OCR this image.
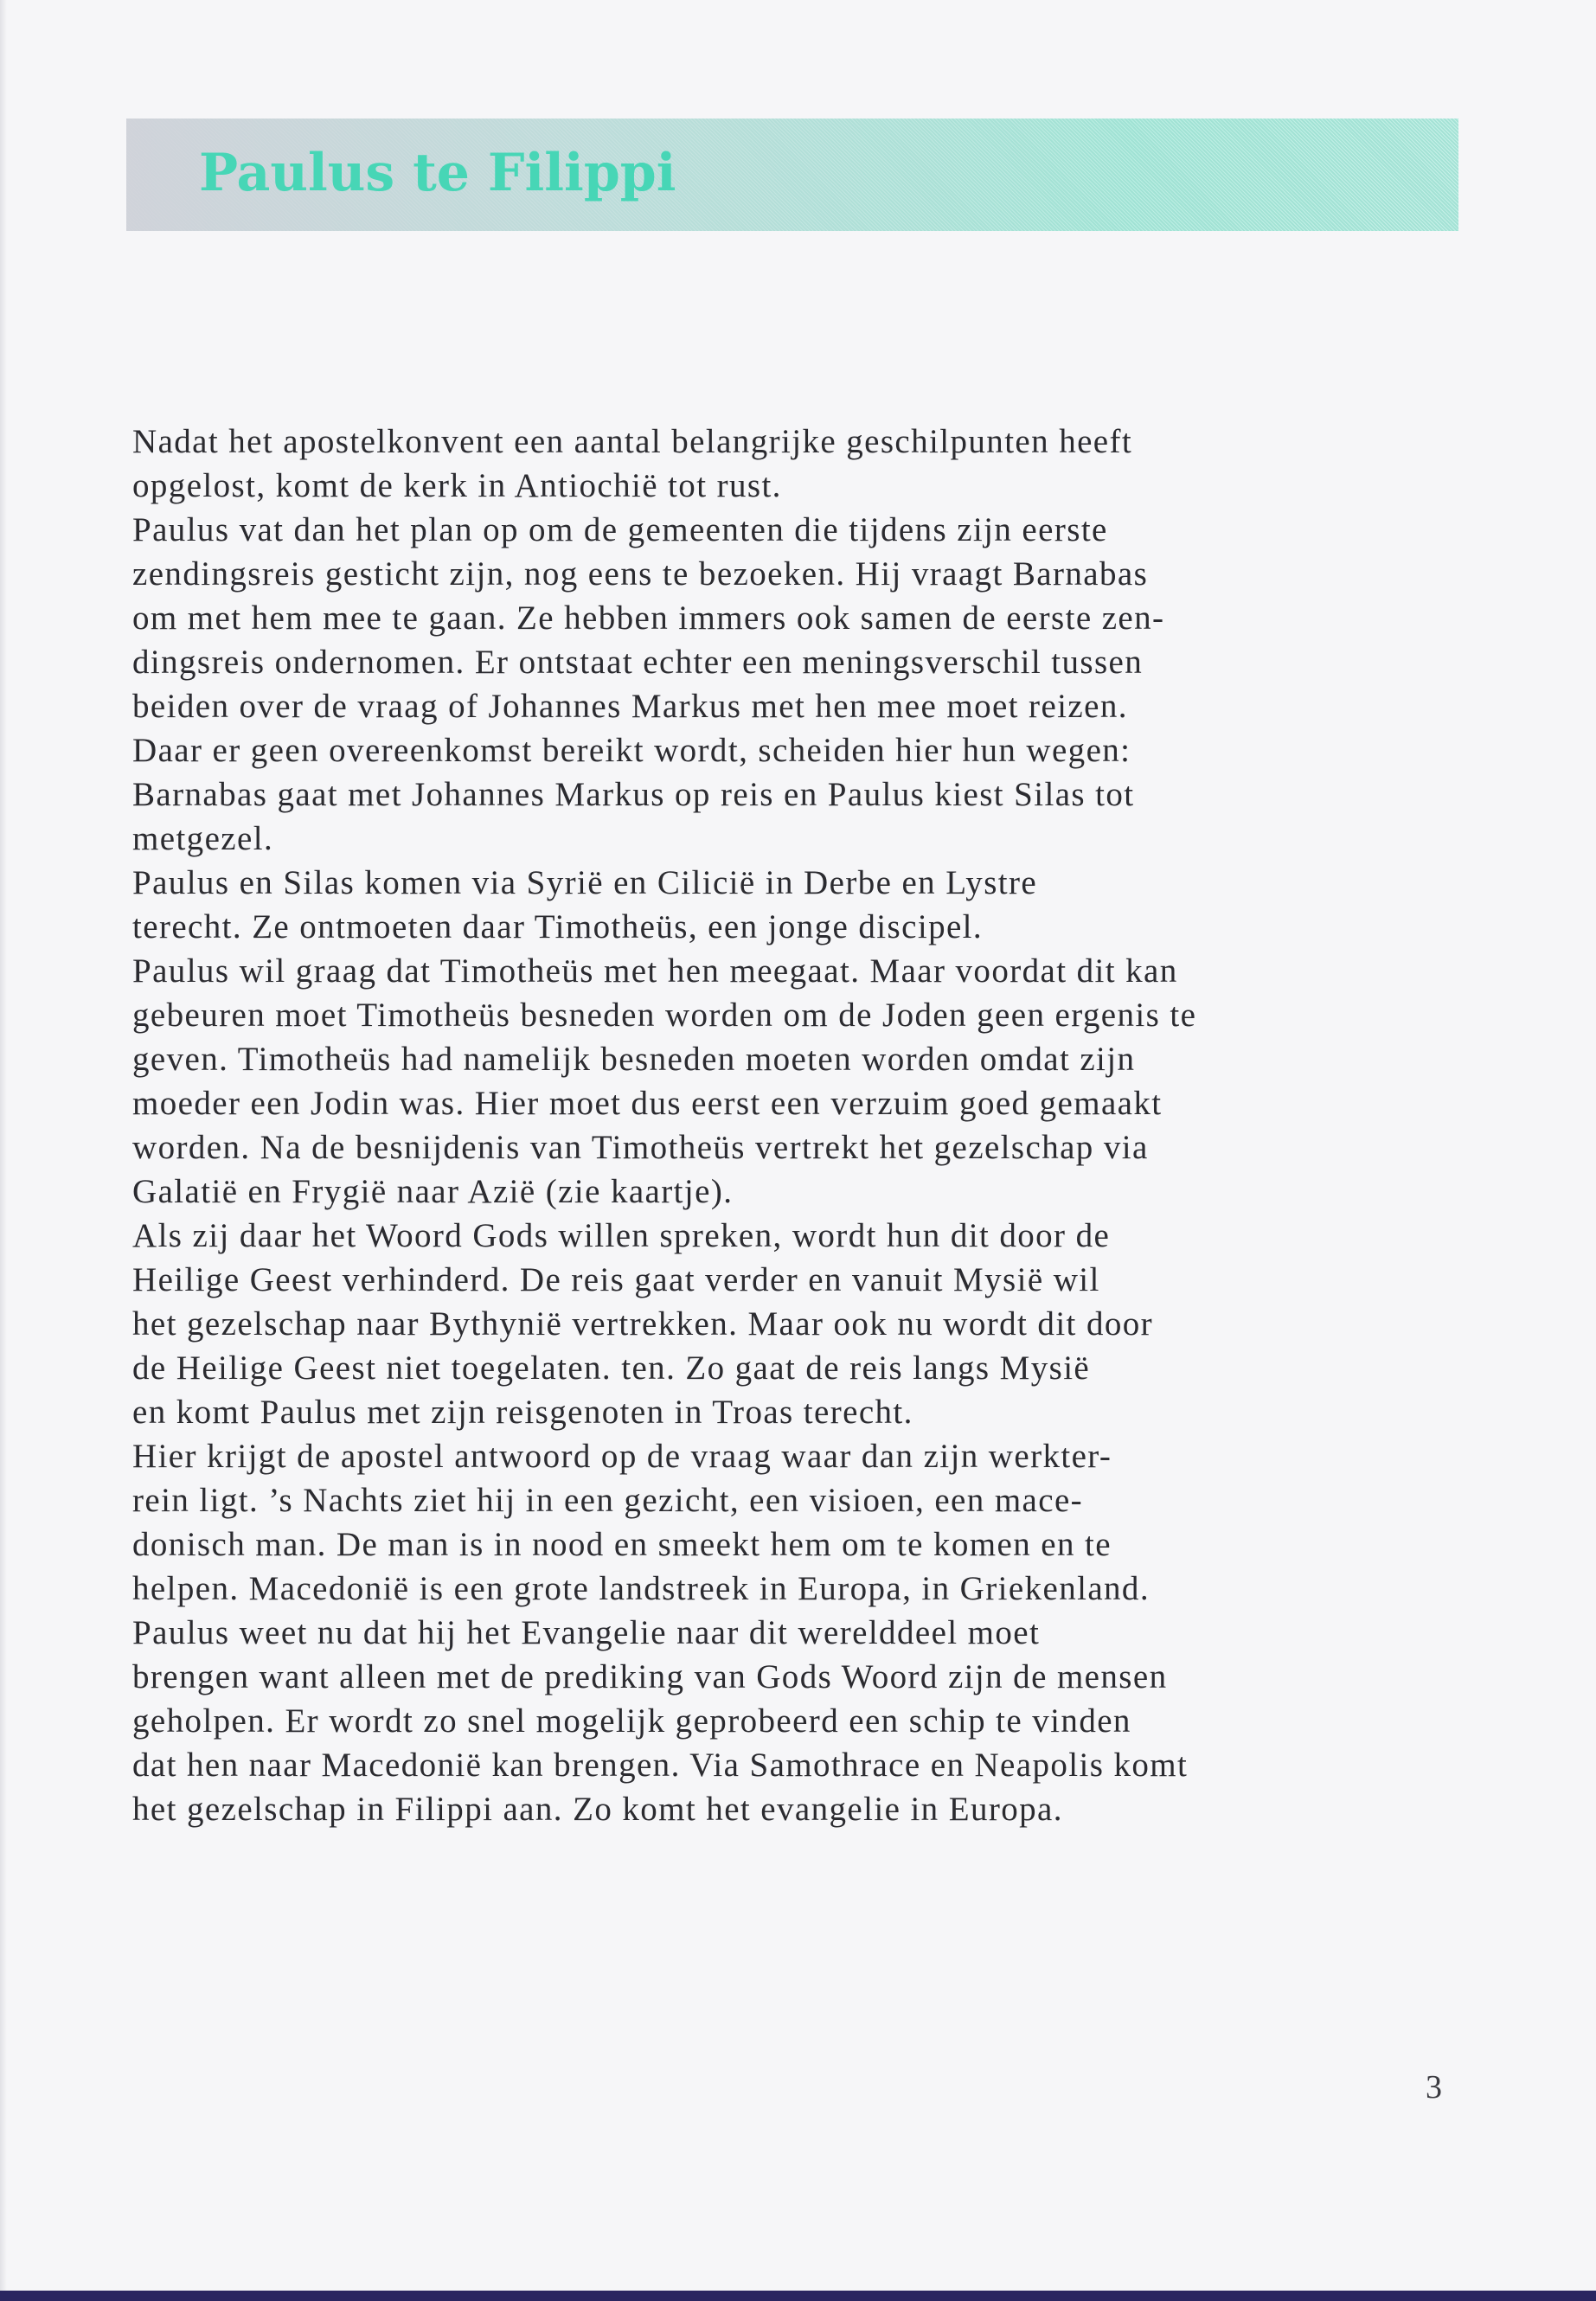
Paulus te Filippi
Nadat het apostelkonvent een aantal belangrijke geschilpunten heeft
opgelost, komt de kerk in Antiochië tot rust.
Paulus vat dan het plan op om de gemeenten die tijdens zijn eerste
zendingsreis gesticht zijn, nog eens te bezoeken. Hij vraagt Barnabas
om met hem mee te gaan. Ze hebben immers ook samen de eerste zen-
dingsreis ondernomen. Er ontstaat echter een meningsverschil tussen
beiden over de vraag of Johannes Markus met hen mee moet reizen.
Daar er geen overeenkomst bereikt wordt, scheiden hier hun wegen:
Barnabas gaat met Johannes Markus op reis en Paulus kiest Silas tot
metgezel.
Paulus en Silas komen via Syrië en Cilicië in Derbe en Lystre
terecht. Ze ontmoeten daar Timotheüs, een jonge discipel.
Paulus wil graag dat Timotheüs met hen meegaat. Maar voordat dit kan
gebeuren moet Timotheüs besneden worden om de Joden geen ergenis te
geven. Timotheüs had namelijk besneden moeten worden omdat zijn
moeder een Jodin was. Hier moet dus eerst een verzuim goed gemaakt
worden. Na de besnijdenis van Timotheüs vertrekt het gezelschap via
Galatië en Frygië naar Azië (zie kaartje).
Als zij daar het Woord Gods willen spreken, wordt hun dit door de
Heilige Geest verhinderd. De reis gaat verder en vanuit Mysië wil
het gezelschap naar Bythynië vertrekken. Maar ook nu wordt dit door
de Heilige Geest niet toegelaten. ten. Zo gaat de reis langs Mysië
en komt Paulus met zijn reisgenoten in Troas terecht.
Hier krijgt de apostel antwoord op de vraag waar dan zijn werkter-
rein ligt. ’s Nachts ziet hij in een gezicht, een visioen, een mace-
donisch man. De man is in nood en smeekt hem om te komen en te
helpen. Macedonië is een grote landstreek in Europa, in Griekenland.
Paulus weet nu dat hij het Evangelie naar dit werelddeel moet
brengen want alleen met de prediking van Gods Woord zijn de mensen
geholpen. Er wordt zo snel mogelijk geprobeerd een schip te vinden
dat hen naar Macedonië kan brengen. Via Samothrace en Neapolis komt
het gezelschap in Filippi aan. Zo komt het evangelie in Europa.
3
